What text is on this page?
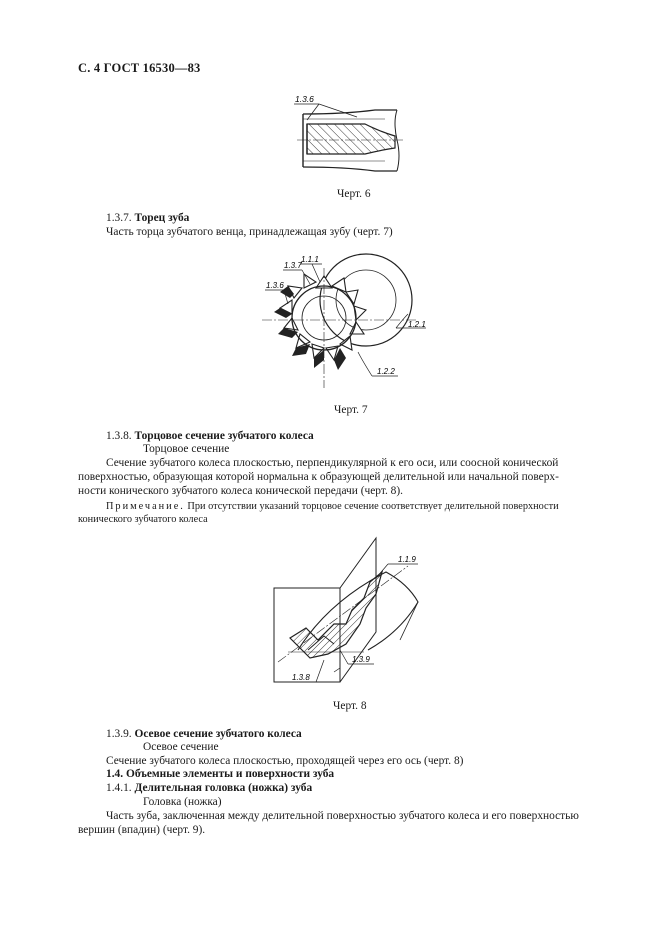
С. 4 ГОСТ 16530—83
1.3.6
Черт. 6
1.3.7. Торец зуба
Часть торца зубчатого венца, принадлежащая зубу (черт. 7)
1.1.1
1.3.7
1.3.6
1.2.1
1.2.2
Черт. 7
1.3.8. Торцовое сечение зубчатого колеса
Торцовое сечение
Сечение зубчатого колеса плоскостью, перпендикулярной к его оси, или соосной конической
поверхностью, образующая которой нормальна к образующей делительной или начальной поверх-
ности конического зубчатого колеса конической передачи (черт. 8).
Примечание. При отсутствии указаний торцовое сечение соответствует делительной поверхности
конического зубчатого колеса
1.1.9
1.3.9
1.3.8
Черт. 8
1.3.9. Осевое сечение зубчатого колеса
Осевое сечение
Сечение зубчатого колеса плоскостью, проходящей через его ось (черт. 8)
1.4. Объемные элементы и поверхности зуба
1.4.1. Делительная головка (ножка) зуба
Головка (ножка)
Часть зуба, заключенная между делительной поверхностью зубчатого колеса и его поверхностью
вершин (впадин) (черт. 9).
